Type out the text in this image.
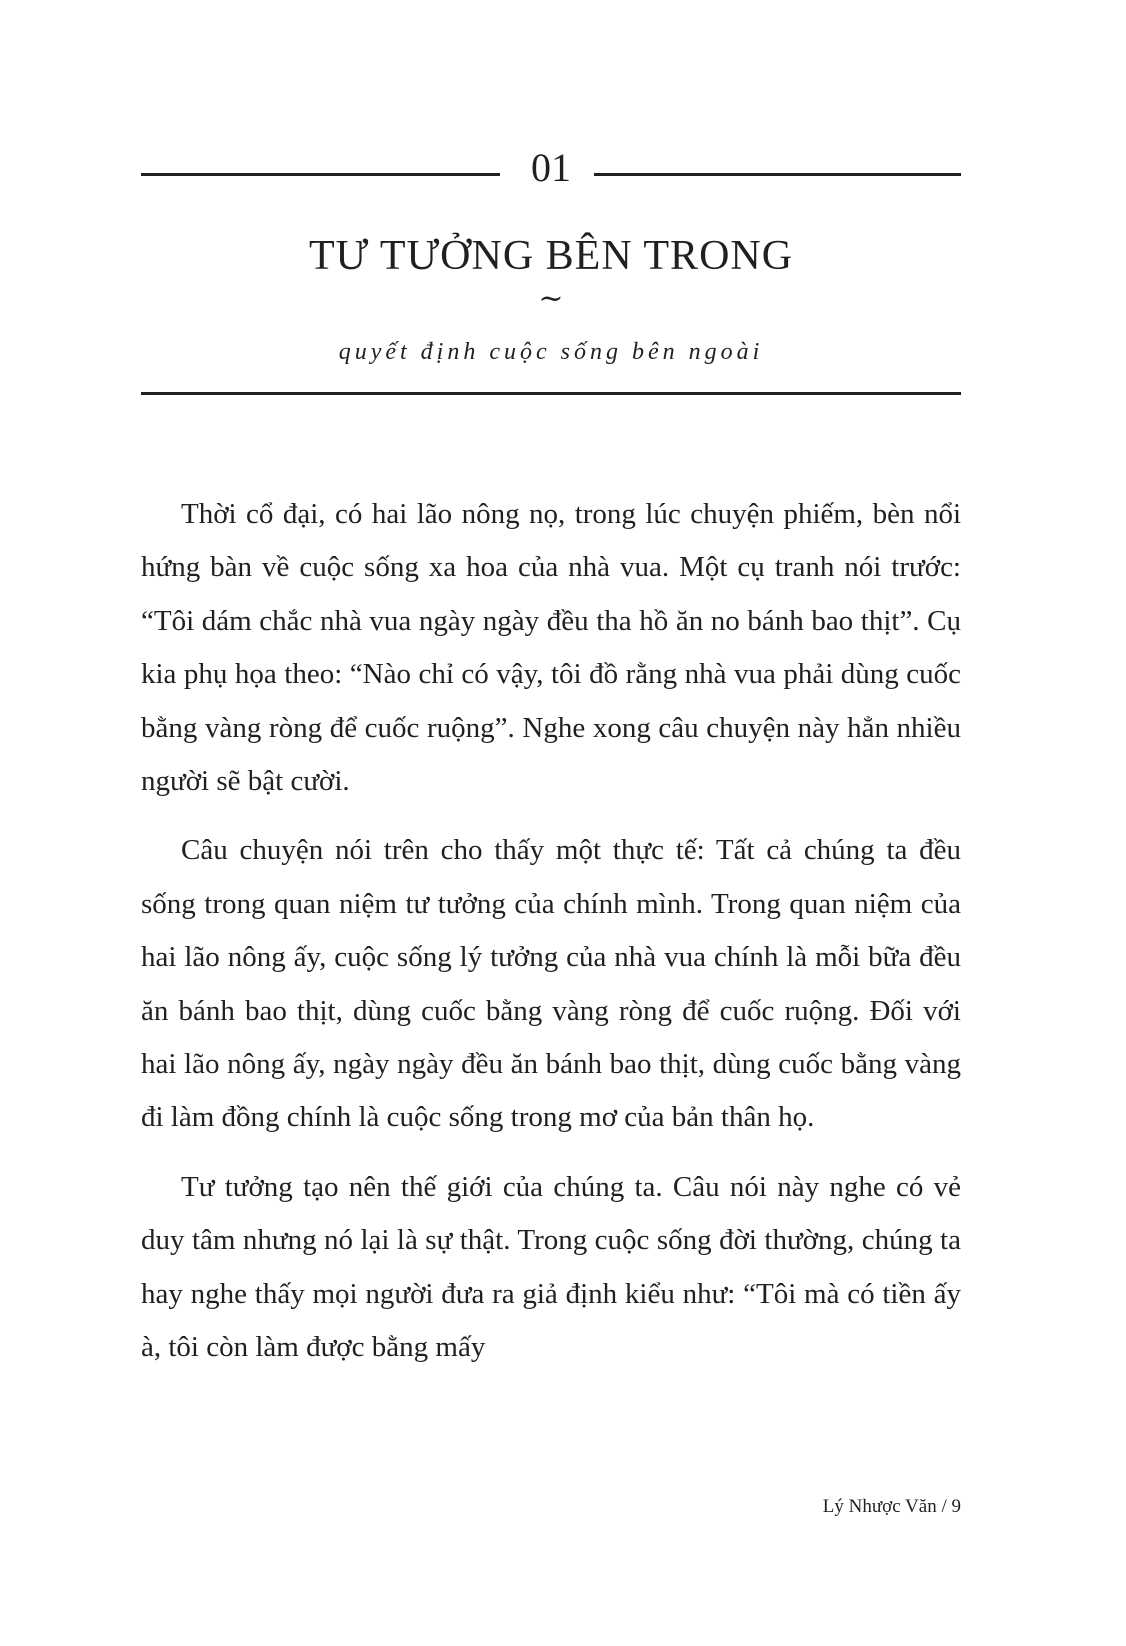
01
TƯ TƯỞNG BÊN TRONG
~
quyết định cuộc sống bên ngoài

Thời cổ đại, có hai lão nông nọ, trong lúc chuyện phiếm, bèn nổi hứng bàn về cuộc sống xa hoa của nhà vua. Một cụ tranh nói trước: “Tôi dám chắc nhà vua ngày ngày đều tha hồ ăn no bánh bao thịt”. Cụ kia phụ họa theo: “Nào chỉ có vậy, tôi đồ rằng nhà vua phải dùng cuốc bằng vàng ròng để cuốc ruộng”. Nghe xong câu chuyện này hẳn nhiều người sẽ bật cười.

Câu chuyện nói trên cho thấy một thực tế: Tất cả chúng ta đều sống trong quan niệm tư tưởng của chính mình. Trong quan niệm của hai lão nông ấy, cuộc sống lý tưởng của nhà vua chính là mỗi bữa đều ăn bánh bao thịt, dùng cuốc bằng vàng ròng để cuốc ruộng. Đối với hai lão nông ấy, ngày ngày đều ăn bánh bao thịt, dùng cuốc bằng vàng đi làm đồng chính là cuộc sống trong mơ của bản thân họ.

Tư tưởng tạo nên thế giới của chúng ta. Câu nói này nghe có vẻ duy tâm nhưng nó lại là sự thật. Trong cuộc sống đời thường, chúng ta hay nghe thấy mọi người đưa ra giả định kiểu như: “Tôi mà có tiền ấy à, tôi còn làm được bằng mấy

Lý Nhược Văn / 9
